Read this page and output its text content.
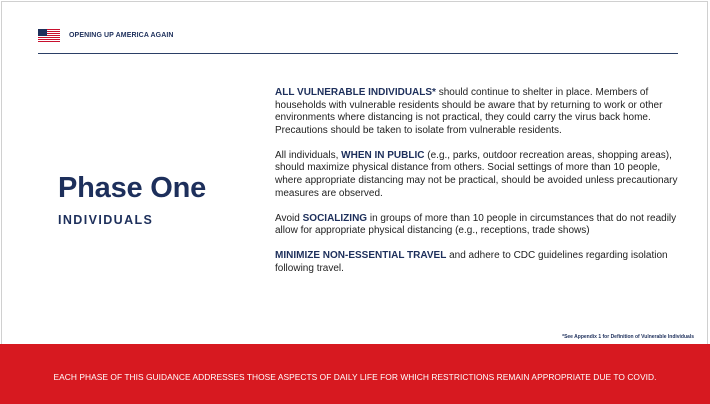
OPENING UP AMERICA AGAIN
Phase One
INDIVIDUALS

ALL VULNERABLE INDIVIDUALS* should continue to shelter in place. Members of households with vulnerable residents should be aware that by returning to work or other environments where distancing is not practical, they could carry the virus back home. Precautions should be taken to isolate from vulnerable residents.

All individuals, WHEN IN PUBLIC (e.g., parks, outdoor recreation areas, shopping areas), should maximize physical distance from others. Social settings of more than 10 people, where appropriate distancing may not be practical, should be avoided unless precautionary measures are observed.

Avoid SOCIALIZING in groups of more than 10 people in circumstances that do not readily allow for appropriate physical distancing (e.g., receptions, trade shows)

MINIMIZE NON-ESSENTIAL TRAVEL and adhere to CDC guidelines regarding isolation following travel.

*See Appendix 1 for Definition of Vulnerable Individuals
EACH PHASE OF THIS GUIDANCE ADDRESSES THOSE ASPECTS OF DAILY LIFE FOR WHICH RESTRICTIONS REMAIN APPROPRIATE DUE TO COVID.
